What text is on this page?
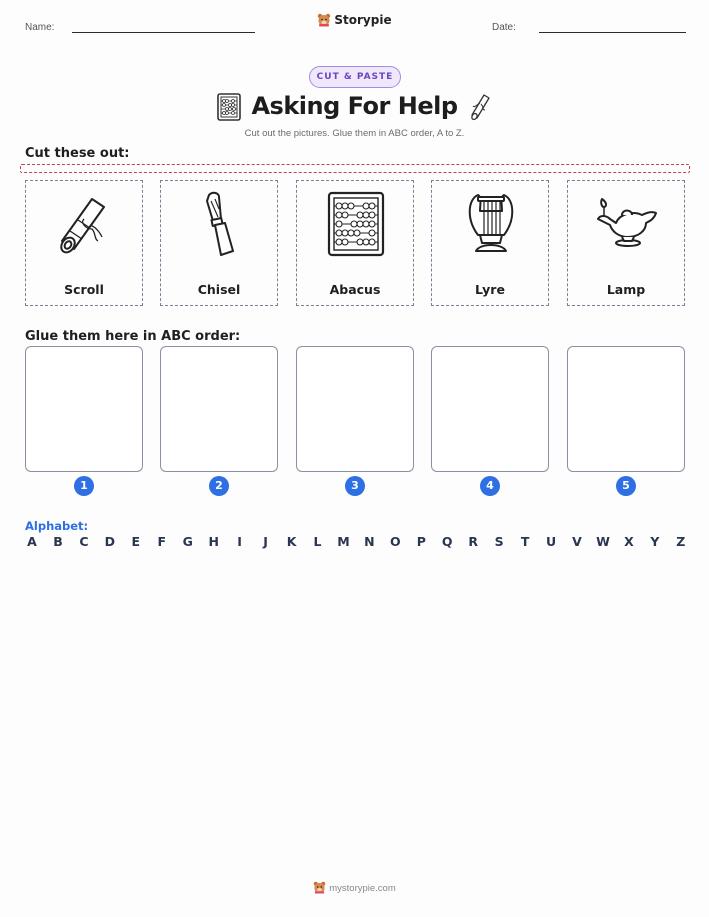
Name:
Storypie
Date:
CUT & PASTE
Asking For Help
Cut out the pictures. Glue them in ABC order, A to Z.
Cut these out:
Scroll	Chisel	Abacus	Lyre	Lamp
Glue them here in ABC order:
1	2	3	4	5
Alphabet:
A B C D E F G H	I	J	K L M N O P Q R S T U V W X Y Z
mystorypie.com
